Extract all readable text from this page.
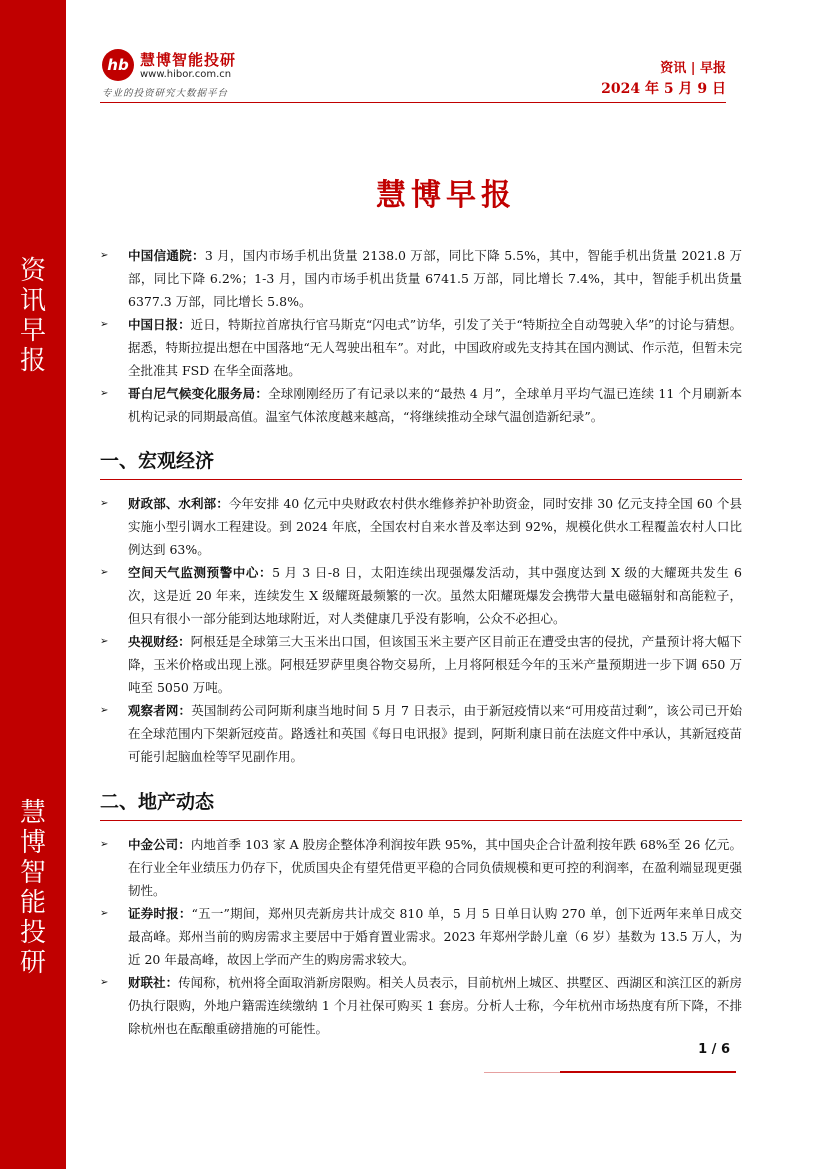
资
讯
早
报
慧
博
智
能
投
研
hb 慧博智能投研
www.hibor.com.cn
专业的投资研究大数据平台
资讯 | 早报
2024 年 5 月 9 日
慧博早报
➢ 中国信通院：3 月，国内市场手机出货量 2138.0 万部，同比下降 5.5%，其中，智能手机出货量 2021.8 万部，同比下降 6.2%；1-3 月，国内市场手机出货量 6741.5 万部，同比增长 7.4%，其中，智能手机出货量 6377.3 万部，同比增长 5.8%。
➢ 中国日报：近日，特斯拉首席执行官马斯克“闪电式”访华，引发了关于“特斯拉全自动驾驶入华”的讨论与猜想。据悉，特斯拉提出想在中国落地“无人驾驶出租车”。对此，中国政府或先支持其在国内测试、作示范，但暂未完全批准其 FSD 在华全面落地。
➢ 哥白尼气候变化服务局：全球刚刚经历了有记录以来的“最热 4 月”，全球单月平均气温已连续 11 个月刷新本机构记录的同期最高值。温室气体浓度越来越高，“将继续推动全球气温创造新纪录”。
一、宏观经济
➢ 财政部、水利部：今年安排 40 亿元中央财政农村供水维修养护补助资金，同时安排 30 亿元支持全国 60 个县实施小型引调水工程建设。到 2024 年底，全国农村自来水普及率达到 92%，规模化供水工程覆盖农村人口比例达到 63%。
➢ 空间天气监测预警中心：5 月 3 日-8 日，太阳连续出现强爆发活动，其中强度达到 X 级的大耀斑共发生 6 次，这是近 20 年来，连续发生 X 级耀斑最频繁的一次。虽然太阳耀斑爆发会携带大量电磁辐射和高能粒子，但只有很小一部分能到达地球附近，对人类健康几乎没有影响，公众不必担心。
➢ 央视财经：阿根廷是全球第三大玉米出口国，但该国玉米主要产区目前正在遭受虫害的侵扰，产量预计将大幅下降，玉米价格或出现上涨。阿根廷罗萨里奥谷物交易所，上月将阿根廷今年的玉米产量预期进一步下调 650 万吨至 5050 万吨。
➢ 观察者网：英国制药公司阿斯利康当地时间 5 月 7 日表示，由于新冠疫情以来“可用疫苗过剩”，该公司已开始在全球范围内下架新冠疫苗。路透社和英国《每日电讯报》提到，阿斯利康日前在法庭文件中承认，其新冠疫苗可能引起脑血栓等罕见副作用。
二、地产动态
➢ 中金公司：内地首季 103 家 A 股房企整体净利润按年跌 95%，其中国央企合计盈利按年跌 68%至 26 亿元。在行业全年业绩压力仍存下，优质国央企有望凭借更平稳的合同负债规模和更可控的利润率，在盈利端显现更强韧性。
➢ 证券时报：“五一”期间，郑州贝壳新房共计成交 810 单，5 月 5 日单日认购 270 单，创下近两年来单日成交最高峰。郑州当前的购房需求主要居中于婚育置业需求。2023 年郑州学龄儿童（6 岁）基数为 13.5 万人，为近 20 年最高峰，故因上学而产生的购房需求较大。
➢ 财联社：传闻称，杭州将全面取消新房限购。相关人员表示，目前杭州上城区、拱墅区、西湖区和滨江区的新房仍执行限购，外地户籍需连续缴纳 1 个月社保可购买 1 套房。分析人士称，今年杭州市场热度有所下降，不排除杭州也在酝酿重磅措施的可能性。
1 / 6
